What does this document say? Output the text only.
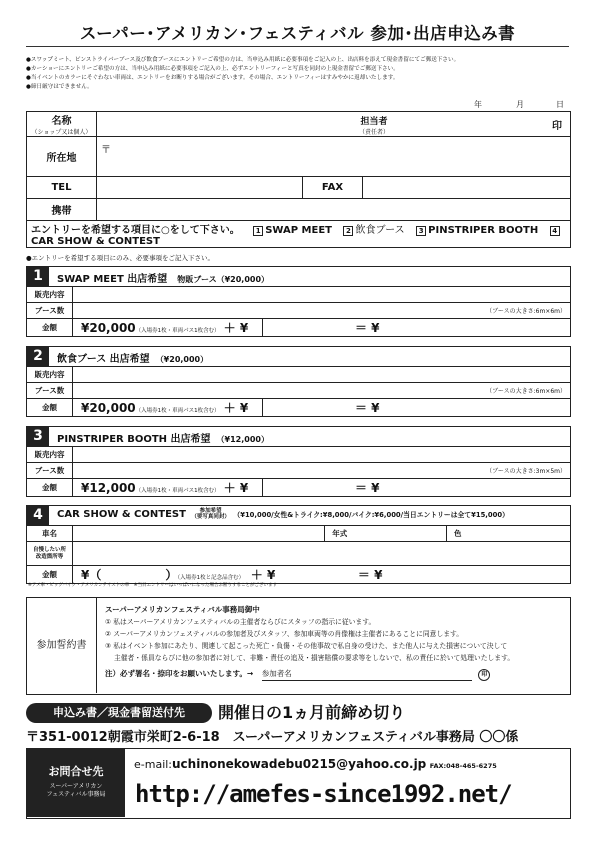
スーパー･アメリカン･フェスティバル 参加･出店申込み書
●スワップミート、ピンストライパーブース及び飲食ブースにエントリーご希望の方は、当申込み用紙に必要事項をご記入の上、出店料を添えて現金書留にてご郵送下さい。
●カーショーにエントリーご希望の方は、当申込み用紙に必要事項をご記入の上、必ずエントリーフィーと写真を同封の上現金書留でご郵送下さい。
●当イベントのカラーにそぐわない車両は、エントリーをお断りする場合がございます。その場合、エントリーフィーはすみやかに返却いたします。
●締日厳守はできません。
年	月	日
名称
（ショップ又は個人）	担当者
（責任者）
印		

所在地	〒		
TEL		FAX	
携帯			
エントリーを希望する項目に○をして下さい。 1 SWAP MEET 2 飲食ブース 3 PINSTRIPER BOOTH 4CAR SHOW & CONTEST			
●エントリーを希望する項目にのみ、必要事項をご記入下さい。
1	SWAP MEET 出店希望　 物販ブース（¥20,000）
販売内容		
ブース数	（ブースの大きさ:6m×6m）	
金額	¥20,000（入場券1枚・車両パス1枚含む） ＋ ¥	＝ ¥
2	飲食ブース 出店希望　 （¥20,000）
販売内容		
ブース数	（ブースの大きさ:6m×6m）	
金額	¥20,000（入場券1枚・車両パス1枚含む） ＋ ¥	＝ ¥
3	PINSTRIPER BOOTH 出店希望　 （¥12,000）
販売内容		
ブース数	（ブースの大きさ:3m×5m）	
金額	¥12,000（入場券1枚・車両パス1枚含む） ＋ ¥	＝ ¥
4	CAR SHOW & CONTEST 参加希望
（要写真同封） （¥10,000/女性&トライク:¥8,000/バイク:¥6,000/当日エントリーは全て¥15,000）
車名		年式		色	
自慢したい所
改造箇所等					
金額	¥（ ）（入場券1枚と記念品含む） ＋ ¥ ＝ ¥				
※アメ車・ビッグバイク・アメリカンテイストの車　※当日エントリーはいっぱいになった場合お断りすることがございます
参加誓約書
スーパーアメリカンフェスティバル事務局御中
① 私はスーパーアメリカンフェスティバルの主催者ならびにスタッフの指示に従います。
② スーパーアメリカンフェスティバルの参加者及びスタッフ、参加車両等の肖像権は主催者にあることに同意します。
③ 私はイベント参加にあたり、関連して起こった死亡・負傷・その他事故で私自身の受けた、また他人に与えた損害について決して
　 主催者・係員ならびに他の参加者に対して、非難・責任の追及・損害賠償の要求等をしないで、私の責任に於いて処理いたします。
注）必ず署名・捺印をお願いいたします。→ 参加者名	印
申込み書／現金書留送付先	開催日の1ヵ月前締め切り
〒351-0012朝霞市栄町2-6-18　スーパーアメリカンフェスティバル事務局 〇〇係
お問合せ先
スーパーアメリカン
フェスティバル事務局
e-mail:uchinonekowadebu0215@yahoo.co.jp FAX:048-465-6275
http://amefes-since1992.net/
